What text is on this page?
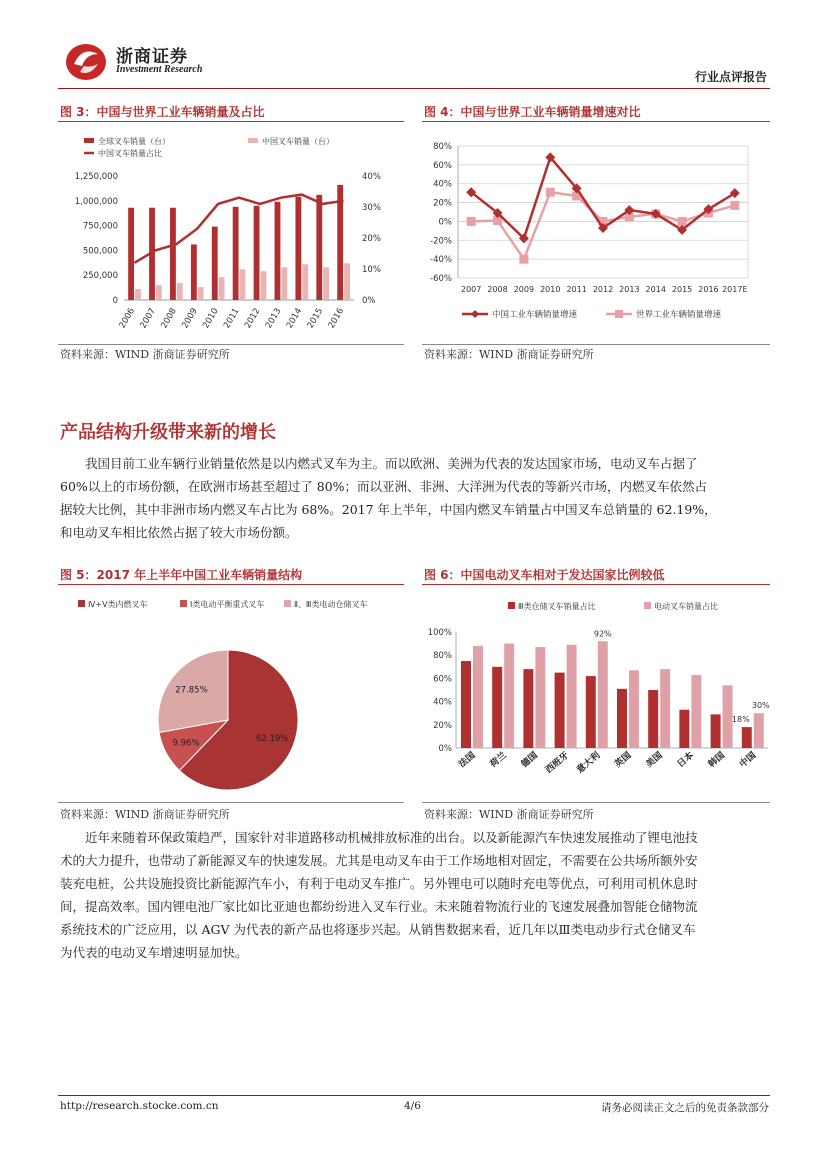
浙商证券
Investment Research
行业点评报告
图 3：中国与世界工业车辆销量及占比
全球叉车销量（台）	中国叉车销量（台）
中国叉车销量占比
0
250,000
500,000
750,000
1,000,000
1,250,000
0%
10%
20%
30%
40%
2006 2007 2008 2009 2010 2011 2012 2013 2014 2015 2016
资料来源：WIND 浙商证券研究所
图 4：中国与世界工业车辆销量增速对比
80%
60%
40%
20%
0%
-20%
-40%
-60%
2007 2008 2009 2010 2011 2012 2013 2014 2015 2016 2017E
中国工业车辆销量增速	世界工业车辆销量增速
资料来源：WIND 浙商证券研究所
产品结构升级带来新的增长
我国目前工业车辆行业销量依然是以内燃式叉车为主。而以欧洲、美洲为代表的发达国家市场，电动叉车占据了
60%以上的市场份额，在欧洲市场甚至超过了 80%；而以亚洲、非洲、大洋洲为代表的等新兴市场，内燃叉车依然占
据较大比例，其中非洲市场内燃叉车占比为 68%。2017 年上半年，中国内燃叉车销量占中国叉车总销量的 62.19%，
和电动叉车相比依然占据了较大市场份额。
图 5：2017 年上半年中国工业车辆销量结构
Ⅳ+Ⅴ类内燃叉车	Ⅰ类电动平衡重式叉车	Ⅱ、Ⅲ类电动仓储叉车
62.19%
9.96%
27.85%
资料来源：WIND 浙商证券研究所
图 6：中国电动叉车相对于发达国家比例较低
Ⅲ类仓储叉车销量占比	电动叉车销量占比
0%
20%
40%
60%
80%
100%
法国 荷兰 德国 西班牙 意大利 英国 美国 日本 韩国 中国
92%
18%
30%
资料来源：WIND 浙商证券研究所
近年来随着环保政策趋严，国家针对非道路移动机械排放标准的出台。以及新能源汽车快速发展推动了锂电池技
术的大力提升，也带动了新能源叉车的快速发展。尤其是电动叉车由于工作场地相对固定，不需要在公共场所额外安
装充电桩，公共设施投资比新能源汽车小，有利于电动叉车推广。另外锂电可以随时充电等优点，可利用司机休息时
间，提高效率。国内锂电池厂家比如比亚迪也都纷纷进入叉车行业。未来随着物流行业的飞速发展叠加智能仓储物流
系统技术的广泛应用，以 AGV 为代表的新产品也将逐步兴起。从销售数据来看，近几年以Ⅲ类电动步行式仓储叉车
为代表的电动叉车增速明显加快。
http://research.stocke.com.cn	4/6	请务必阅读正文之后的免责条款部分
